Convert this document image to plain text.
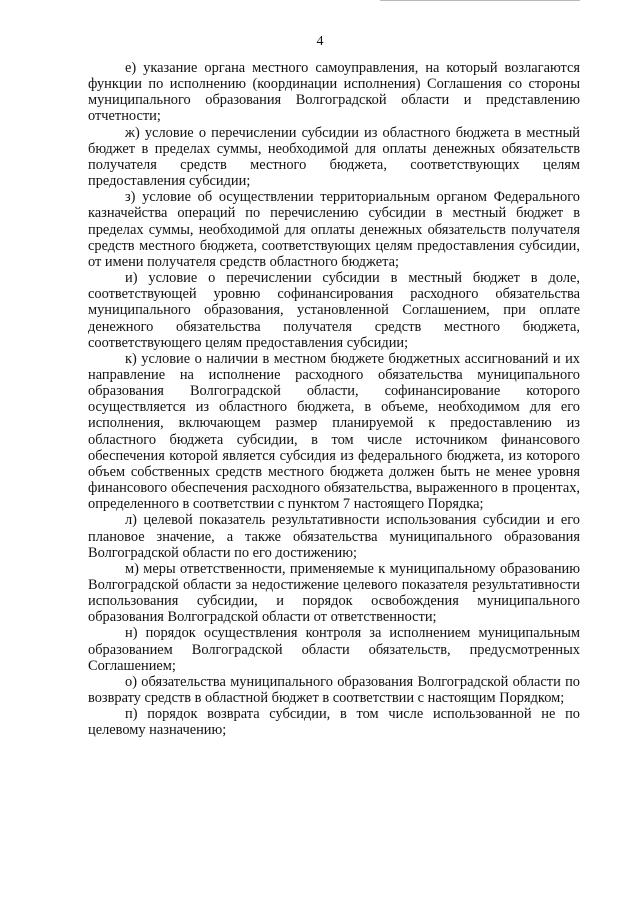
4

е) указание органа местного самоуправления, на который возлагаются функции по исполнению (координации исполнения) Соглашения со стороны муниципального образования Волгоградской области и представлению отчетности;

ж) условие о перечислении субсидии из областного бюджета в местный бюджет в пределах суммы, необходимой для оплаты денежных обязательств получателя средств местного бюджета, соответствующих целям предоставления субсидии;

з) условие об осуществлении территориальным органом Федерального казначейства операций по перечислению субсидии в местный бюджет в пределах суммы, необходимой для оплаты денежных обязательств получателя средств местного бюджета, соответствующих целям предоставления субсидии, от имени получателя средств областного бюджета;

и) условие о перечислении субсидии в местный бюджет в доле, соответствующей уровню софинансирования расходного обязательства муниципального образования, установленной Соглашением, при оплате денежного обязательства получателя средств местного бюджета, соответствующего целям предоставления субсидии;

к) условие о наличии в местном бюджете бюджетных ассигнований и их направление на исполнение расходного обязательства муниципального образования Волгоградской области, софинансирование которого осуществляется из областного бюджета, в объеме, необходимом для его исполнения, включающем размер планируемой к предоставлению из областного бюджета субсидии, в том числе источником финансового обеспечения которой является субсидия из федерального бюджета, из которого объем собственных средств местного бюджета должен быть не менее уровня финансового обеспечения расходного обязательства, выраженного в процентах, определенного в соответствии с пунктом 7 настоящего Порядка;

л) целевой показатель результативности использования субсидии и его плановое значение, а также обязательства муниципального образования Волгоградской области по его достижению;

м) меры ответственности, применяемые к муниципальному образованию Волгоградской области за недостижение целевого показателя результативности использования субсидии, и порядок освобождения муниципального образования Волгоградской области от ответственности;

н) порядок осуществления контроля за исполнением муниципальным образованием Волгоградской области обязательств, предусмотренных Соглашением;

о) обязательства муниципального образования Волгоградской области по возврату средств в областной бюджет в соответствии с настоящим Порядком;

п) порядок возврата субсидии, в том числе использованной не по целевому назначению;
